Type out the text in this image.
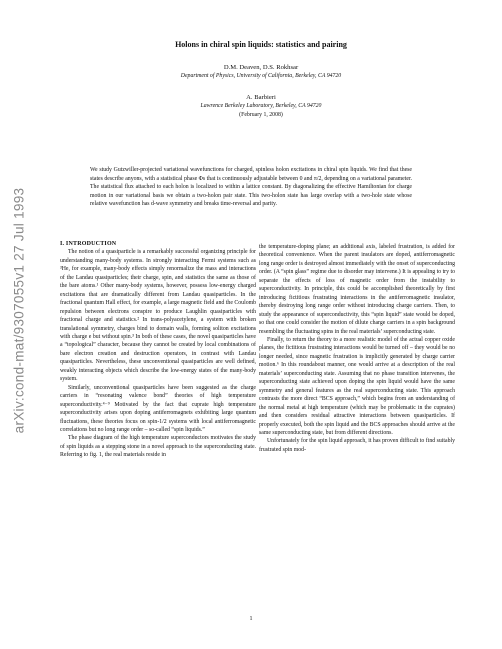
arXiv:cond-mat/9307055v1 27 Jul 1993

Holons in chiral spin liquids: statistics and pairing

D.M. Deaven, D.S. Rokhsar

Department of Physics, University of California, Berkeley, CA 94720

A. Barbieri

Lawrence Berkeley Laboratory, Berkeley, CA 94720

(February 1, 2008)

We study Gutzwiller-projected variational wavefunctions for charged, spinless holon excitations in chiral spin liquids. We find that these states describe anyons, with a statistical phase Φs that is continuously adjustable between 0 and π/2, depending on a variational parameter. The statistical flux attached to each holon is localized to within a lattice constant. By diagonalizing the effective Hamiltonian for charge motion in our variational basis we obtain a two-holon pair state. This two-holon state has large overlap with a two-hole state whose relative wavefunction has d-wave symmetry and breaks time-reversal and parity.

I. INTRODUCTION

The notion of a quasiparticle is a remarkably successful organizing principle for understanding many-body systems. In strongly interacting Fermi systems such as ³He, for example, many-body effects simply renormalize the mass and interactions of the Landau quasiparticles; their charge, spin, and statistics the same as those of the bare atoms.¹ Other many-body systems, however, possess low-energy charged excitations that are dramatically different from Landau quasiparticles. In the fractional quantum Hall effect, for example, a large magnetic field and the Coulomb repulsion between electrons conspire to produce Laughlin quasiparticles with fractional charge and statistics.² In trans-polyacetylene, a system with broken translational symmetry, charges bind to domain walls, forming soliton excitations with charge e but without spin.³ In both of these cases, the novel quasiparticles have a “topological” character, because they cannot be created by local combinations of bare electron creation and destruction operators, in contrast with Landau quasiparticles. Nevertheless, these unconventional quasiparticles are well defined, weakly interacting objects which describe the low-energy states of the many-body system.

Similarly, unconventional quasiparticles have been suggested as the charge carriers in “resonating valence bond” theories of high temperature superconductivity.⁴⁻⁹ Motivated by the fact that cuprate high temperature superconductivity arises upon doping antiferromagnets exhibiting large quantum fluctuations, these theories focus on spin-1/2 systems with local antiferromagnetic correlations but no long range order – so-called “spin liquids.”

The phase diagram of the high temperature superconductors motivates the study of spin liquids as a stepping stone in a novel approach to the superconducting state. Referring to fig. 1, the real materials reside in

the temperature-doping plane; an additional axis, labeled frustration, is added for theoretical convenience. When the parent insulators are doped, antiferromagnetic long range order is destroyed almost immediately with the onset of superconducting order. (A “spin glass” regime due to disorder may intervene.) It is appealing to try to separate the effects of loss of magnetic order from the instability to superconductivity. In principle, this could be accomplished theoretically by first introducing fictitious frustrating interactions in the antiferromagnetic insulator, thereby destroying long range order without introducing charge carriers. Then, to study the appearance of superconductivity, this “spin liquid” state would be doped, so that one could consider the motion of dilute charge carriers in a spin background resembling the fluctuating spins in the real materials’ superconducting state.

Finally, to return the theory to a more realistic model of the actual copper oxide planes, the fictitious frustrating interactions would be turned off – they would be no longer needed, since magnetic frustration is implicitly generated by charge carrier motion.⁶ In this roundabout manner, one would arrive at a description of the real materials’ superconducting state. Assuming that no phase transition intervenes, the superconducting state achieved upon doping the spin liquid would have the same symmetry and general features as the real superconducting state. This approach contrasts the more direct “BCS approach,” which begins from an understanding of the normal metal at high temperature (which may be problematic in the cuprates) and then considers residual attractive interactions between quasiparticles. If properly executed, both the spin liquid and the BCS approaches should arrive at the same superconducting state, but from different directions.

Unfortunately for the spin liquid approach, it has proven difficult to find suitably frustrated spin mod-

1
